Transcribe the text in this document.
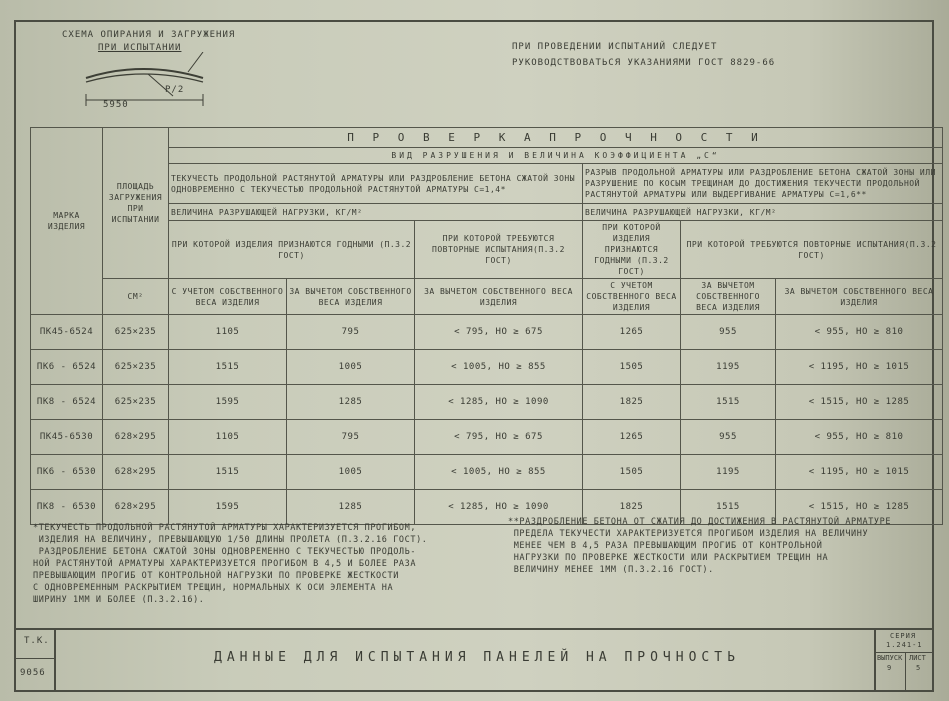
СХЕМА ОПИРАНИЯ И ЗАГРУЖЕНИЯ
ПРИ ИСПЫТАНИИ
5950
P/2
ПРИ ПРОВЕДЕНИИ ИСПЫТАНИЙ СЛЕДУЕТ
РУКОВОДСТВОВАТЬСЯ УКАЗАНИЯМИ ГОСТ 8829-66
МАРКА ИЗДЕЛИЯ	ПЛОЩАДЬ ЗАГРУЖЕНИЯ ПРИ ИСПЫТАНИИ	П Р О В Е Р К А П Р О Ч Н О С Т И					
		ВИД РАЗРУШЕНИЯ И ВЕЛИЧИНА КОЭФФИЦИЕНТА „С“					
		ТЕКУЧЕСТЬ ПРОДОЛЬНОЙ РАСТЯНУТОЙ АРМАТУРЫ ИЛИ РАЗДРОБЛЕНИЕ БЕТОНА СЖАТОЙ ЗОНЫ ОДНОВРЕМЕННО С ТЕКУЧЕСТЬЮ ПРОДОЛЬНОЙ РАСТЯНУТОЙ АРМАТУРЫ С=1,4*			РАЗРЫВ ПРОДОЛЬНОЙ АРМАТУРЫ ИЛИ РАЗДРОБЛЕНИЕ БЕТОНА СЖАТОЙ ЗОНЫ ИЛИ РАЗРУШЕНИЕ ПО КОСЫМ ТРЕЩИНАМ ДО ДОСТИЖЕНИЯ ТЕКУЧЕСТИ ПРОДОЛЬНОЙ РАСТЯНУТОЙ АРМАТУРЫ ИЛИ ВЫДЕРГИВАНИЕ АРМАТУРЫ С=1,6**		
		ВЕЛИЧИНА РАЗРУШАЮЩЕЙ НАГРУЗКИ, КГ/М²			ВЕЛИЧИНА РАЗРУШАЮЩЕЙ НАГРУЗКИ, КГ/М²		
		ПРИ КОТОРОЙ ИЗДЕЛИЯ ПРИЗНАЮТСЯ ГОДНЫМИ (П.3.2 ГОСТ)		ПРИ КОТОРОЙ ТРЕБУЮТСЯ ПОВТОРНЫЕ ИСПЫТАНИЯ(П.3.2 ГОСТ)	ПРИ КОТОРОЙ ИЗДЕЛИЯ ПРИЗНАЮТСЯ ГОДНЫМИ (П.3.2 ГОСТ)	ПРИ КОТОРОЙ ТРЕБУЮТСЯ ПОВТОРНЫЕ ИСПЫТАНИЯ(П.3.2 ГОСТ)	
	СМ²	С УЧЕТОМ СОБСТВЕННОГО ВЕСА ИЗДЕЛИЯ	ЗА ВЫЧЕТОМ СОБСТВЕННОГО ВЕСА ИЗДЕЛИЯ	ЗА ВЫЧЕТОМ СОБСТВЕННОГО ВЕСА ИЗДЕЛИЯ	С УЧЕТОМ СОБСТВЕННОГО ВЕСА ИЗДЕЛИЯ	ЗА ВЫЧЕТОМ СОБСТВЕННОГО ВЕСА ИЗДЕЛИЯ	ЗА ВЫЧЕТОМ СОБСТВЕННОГО ВЕСА ИЗДЕЛИЯ
ПК45-6524	625×235	1105	795	< 795, НО ≥ 675	1265	955	< 955, НО ≥ 810
ПК6 - 6524	625×235	1515	1005	< 1005, НО ≥ 855	1505	1195	< 1195, НО ≥ 1015
ПК8 - 6524	625×235	1595	1285	< 1285, НО ≥ 1090	1825	1515	< 1515, НО ≥ 1285
ПК45-6530	628×295	1105	795	< 795, НО ≥ 675	1265	955	< 955, НО ≥ 810
ПК6 - 6530	628×295	1515	1005	< 1005, НО ≥ 855	1505	1195	< 1195, НО ≥ 1015
ПК8 - 6530	628×295	1595	1285	< 1285, НО ≥ 1090	1825	1515	< 1515, НО ≥ 1285
*ТЕКУЧЕСТЬ ПРОДОЛЬНОЙ РАСТЯНУТОЙ АРМАТУРЫ ХАРАКТЕРИЗУЕТСЯ ПРОГИБОМ,
ИЗДЕЛИЯ НА ВЕЛИЧИНУ, ПРЕВЫШАЮЩУЮ 1/50 ДЛИНЫ ПРОЛЕТА (П.3.2.16 ГОСТ).
РАЗДРОБЛЕНИЕ БЕТОНА СЖАТОЙ ЗОНЫ ОДНОВРЕМЕННО С ТЕКУЧЕСТЬЮ ПРОДОЛЬ-
НОЙ РАСТЯНУТОЙ АРМАТУРЫ ХАРАКТЕРИЗУЕТСЯ ПРОГИБОМ В 4,5 И БОЛЕЕ РАЗА
ПРЕВЫШАЮЩИМ ПРОГИБ ОТ КОНТРОЛЬНОЙ НАГРУЗКИ ПО ПРОВЕРКЕ ЖЕСТКОСТИ
С ОДНОВРЕМЕННЫМ РАСКРЫТИЕМ ТРЕЩИН, НОРМАЛЬНЫХ К ОСИ ЭЛЕМЕНТА НА
ШИРИНУ 1ММ И БОЛЕЕ (П.3.2.16).
**РАЗДРОБЛЕНИЕ БЕТОНА ОТ СЖАТИЯ ДО ДОСТИЖЕНИЯ В РАСТЯНУТОЙ АРМАТУРЕ
ПРЕДЕЛА ТЕКУЧЕСТИ ХАРАКТЕРИЗУЕТСЯ ПРОГИБОМ ИЗДЕЛИЯ НА ВЕЛИЧИНУ
МЕНЕЕ ЧЕМ В 4,5 РАЗА ПРЕВЫШАЮЩИМ ПРОГИБ ОТ КОНТРОЛЬНОЙ
НАГРУЗКИ ПО ПРОВЕРКЕ ЖЕСТКОСТИ ИЛИ РАСКРЫТИЕМ ТРЕЩИН НА
ВЕЛИЧИНУ МЕНЕЕ 1ММ (П.3.2.16 ГОСТ).
Т.К.
9056
ДАННЫЕ ДЛЯ ИСПЫТАНИЯ ПАНЕЛЕЙ НА ПРОЧНОСТЬ
СЕРИЯ
1.241-1
ВЫПУСК
9
ЛИСТ
5
